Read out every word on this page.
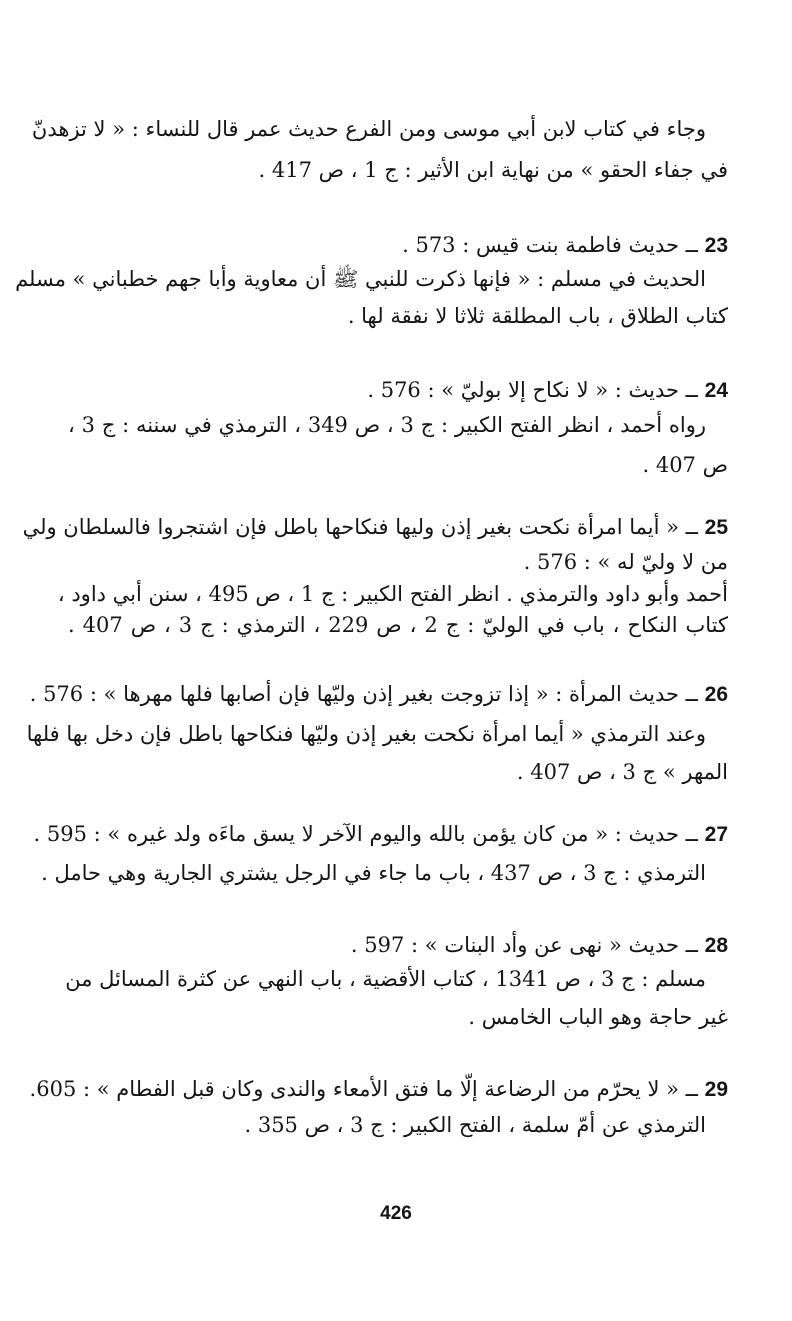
وجاء في كتاب لابن أبي موسى ومن الفرع حديث عمر قال للنساء : « لا تزهدنّ
في جفاء الحقو » من نهاية ابن الأثير : ج 1 ، ص 417 .
23 ــ حديث فاطمة بنت قيس : 573 .
الحديث في مسلم : « فإنها ذكرت للنبي ﷺ أن معاوية وأبا جهم خطباني » مسلم
كتاب الطلاق ، باب المطلقة ثلاثا لا نفقة لها .
24 ــ حديث : « لا نكاح إلا بوليّ » : 576 .
رواه أحمد ، انظر الفتح الكبير : ج 3 ، ص 349 ، الترمذي في سننه : ج 3 ،
ص 407 .
25 ــ « أيما امرأة نكحت بغير إذن وليها فنكاحها باطل فإن اشتجروا فالسلطان ولي
من لا وليّ له » : 576 .
أحمد وأبو داود والترمذي . انظر الفتح الكبير : ج 1 ، ص 495 ، سنن أبي داود ،
كتاب النكاح ، باب في الوليّ : ج 2 ، ص 229 ، الترمذي : ج 3 ، ص 407 .
26 ــ حديث المرأة : « إذا تزوجت بغير إذن وليّها فإن أصابها فلها مهرها » : 576 .
وعند الترمذي « أيما امرأة نكحت بغير إذن وليّها فنكاحها باطل فإن دخل بها فلها
المهر » ج 3 ، ص 407 .
27 ــ حديث : « من كان يؤمن بالله واليوم الآخر لا يسق ماءَه ولد غيره » : 595 .
الترمذي : ج 3 ، ص 437 ، باب ما جاء في الرجل يشتري الجارية وهي حامل .
28 ــ حديث « نهى عن وأد البنات » : 597 .
مسلم : ج 3 ، ص 1341 ، كتاب الأقضية ، باب النهي عن كثرة المسائل من
غير حاجة وهو الباب الخامس .
29 ــ « لا يحرّم من الرضاعة إلّا ما فتق الأمعاء والندى وكان قبل الفطام » : 605.
الترمذي عن أمّ سلمة ، الفتح الكبير : ج 3 ، ص 355 .
426
